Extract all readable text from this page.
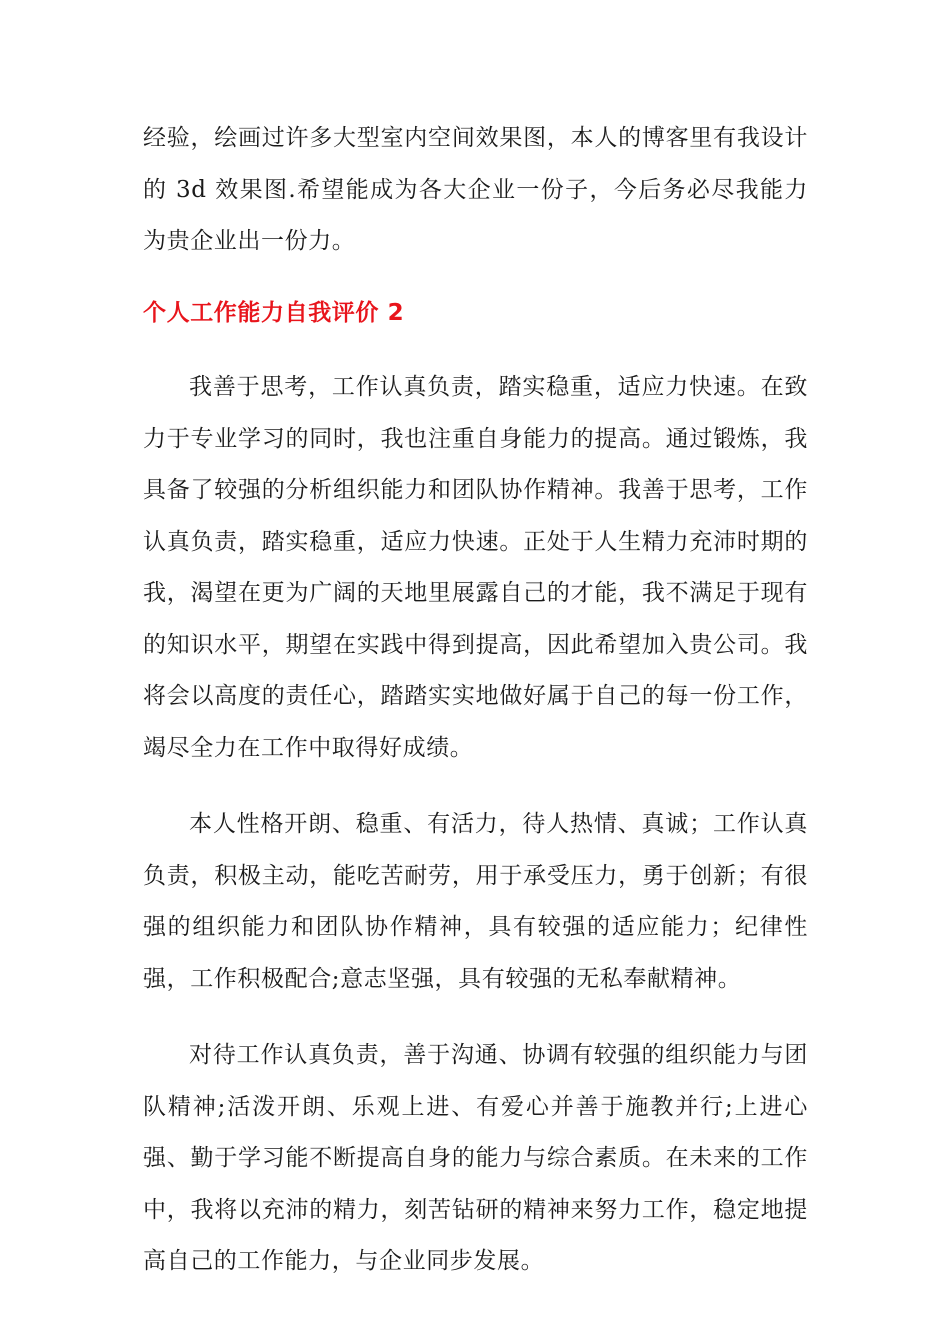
经验，绘画过许多大型室内空间效果图，本人的博客里有我设计的 3d 效果图.希望能成为各大企业一份子，今后务必尽我能力为贵企业出一份力。

个人工作能力自我评价 2

我善于思考，工作认真负责，踏实稳重，适应力快速。在致力于专业学习的同时，我也注重自身能力的提高。通过锻炼，我具备了较强的分析组织能力和团队协作精神。我善于思考，工作认真负责，踏实稳重，适应力快速。正处于人生精力充沛时期的我，渴望在更为广阔的天地里展露自己的才能，我不满足于现有的知识水平，期望在实践中得到提高，因此希望加入贵公司。我将会以高度的责任心，踏踏实实地做好属于自己的每一份工作，竭尽全力在工作中取得好成绩。

本人性格开朗、稳重、有活力，待人热情、真诚；工作认真负责，积极主动，能吃苦耐劳，用于承受压力，勇于创新；有很强的组织能力和团队协作精神，具有较强的适应能力；纪律性强，工作积极配合;意志坚强，具有较强的无私奉献精神。

对待工作认真负责，善于沟通、协调有较强的组织能力与团队精神;活泼开朗、乐观上进、有爱心并善于施教并行;上进心强、勤于学习能不断提高自身的能力与综合素质。在未来的工作中，我将以充沛的精力，刻苦钻研的精神来努力工作，稳定地提高自己的工作能力，与企业同步发展。
